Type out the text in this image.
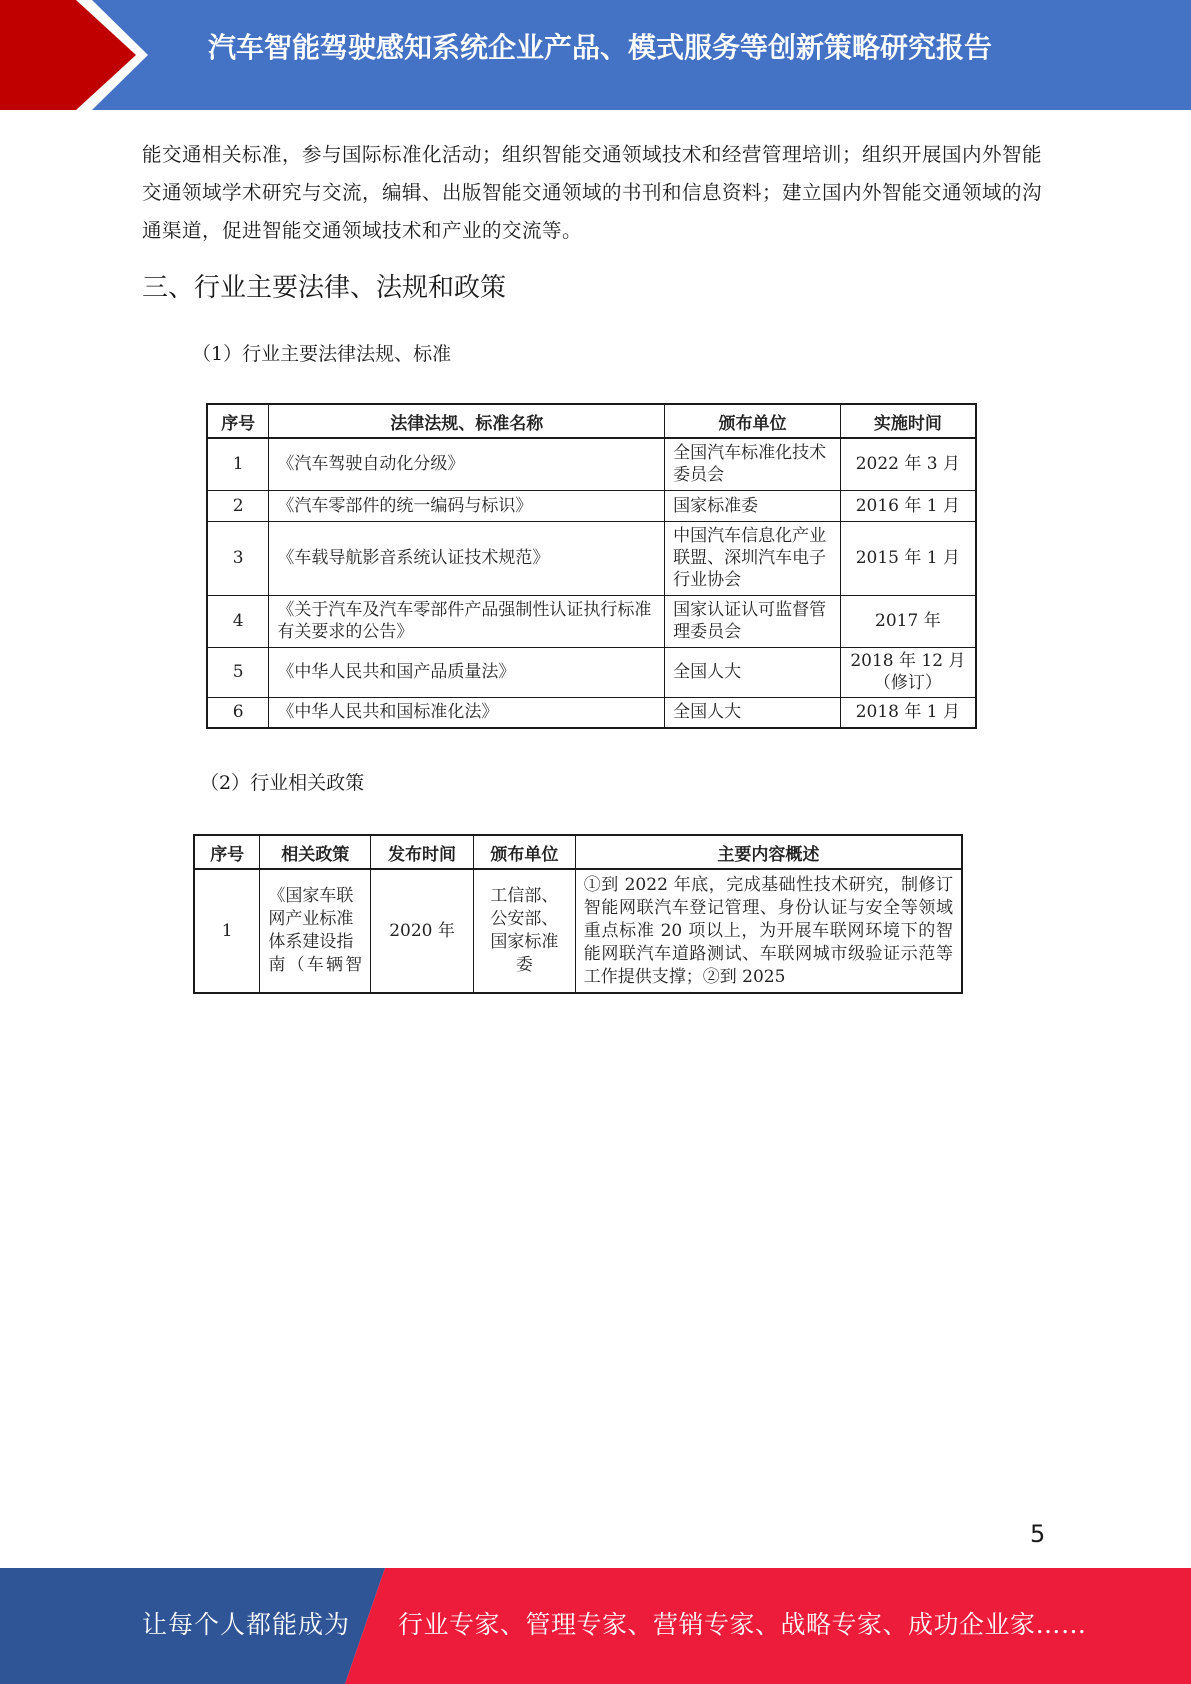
汽车智能驾驶感知系统企业产品、模式服务等创新策略研究报告
能交通相关标准，参与国际标准化活动；组织智能交通领域技术和经营管理培训；组织开展国内外智能交通领域学术研究与交流，编辑、出版智能交通领域的书刊和信息资料；建立国内外智能交通领域的沟通渠道，促进智能交通领域技术和产业的交流等。
三、行业主要法律、法规和政策
（1）行业主要法律法规、标准
序号	法律法规、标准名称	颁布单位	实施时间
1	《汽车驾驶自动化分级》	全国汽车标准化技术委员会	2022 年 3 月
2	《汽车零部件的统一编码与标识》	国家标准委	2016 年 1 月
3	《车载导航影音系统认证技术规范》	中国汽车信息化产业联盟、深圳汽车电子行业协会	2015 年 1 月
4	《关于汽车及汽车零部件产品强制性认证执行标准有关要求的公告》	国家认证认可监督管理委员会	2017 年
5	《中华人民共和国产品质量法》	全国人大	2018 年 12 月（修订）
6	《中华人民共和国标准化法》	全国人大	2018 年 1 月
（2）行业相关政策
序号	相关政策	发布时间	颁布单位	主要内容概述
1	《国家车联网产业标准体系建设指南（车辆智	2020 年	工信部、公安部、国家标准委	①到 2022 年底，完成基础性技术研究，制修订智能网联汽车登记管理、身份认证与安全等领域重点标准 20 项以上，为开展车联网环境下的智能网联汽车道路测试、车联网城市级验证示范等工作提供支撑；②到 2025
5
让每个人都能成为 行业专家、管理专家、营销专家、战略专家、成功企业家……
